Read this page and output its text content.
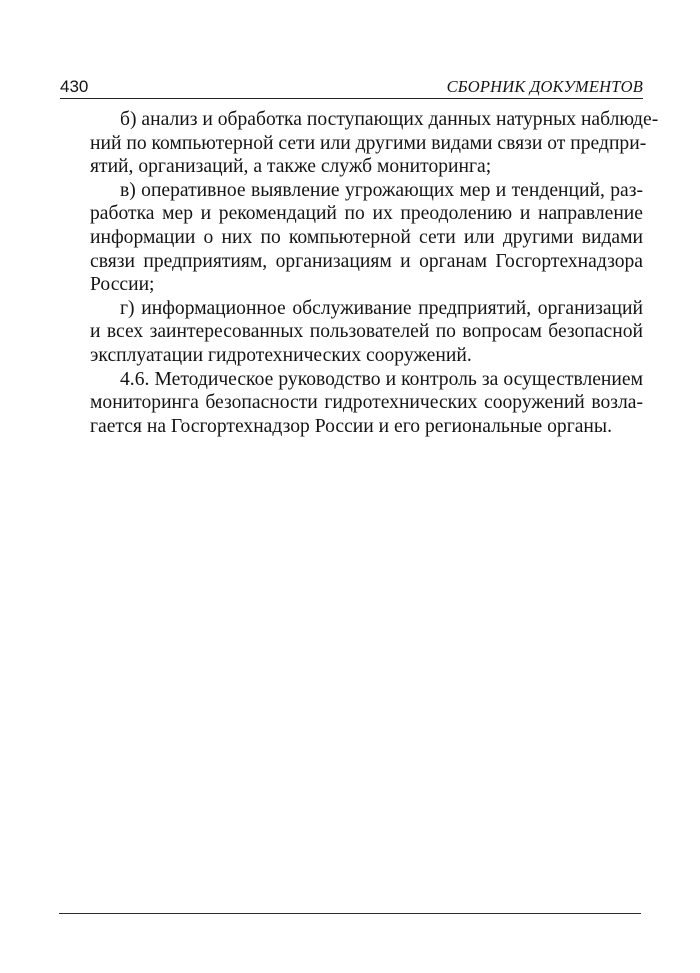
430	СБОРНИК ДОКУМЕНТОВ

б) анализ и обработка поступающих данных натурных наблюде-
ний по компьютерной сети или другими видами связи от предпри-
ятий, организаций, а также служб мониторинга;

в) оперативное выявление угрожающих мер и тенденций, раз-
работка мер и рекомендаций по их преодолению и направление
информации о них по компьютерной сети или другими видами
связи предприятиям, организациям и органам Госгортехнадзора
России;

г) информационное обслуживание предприятий, организаций
и всех заинтересованных пользователей по вопросам безопасной
эксплуатации гидротехнических сооружений.

4.6. Методическое руководство и контроль за осуществлением
мониторинга безопасности гидротехнических сооружений возла-
гается на Госгортехнадзор России и его региональные органы.
